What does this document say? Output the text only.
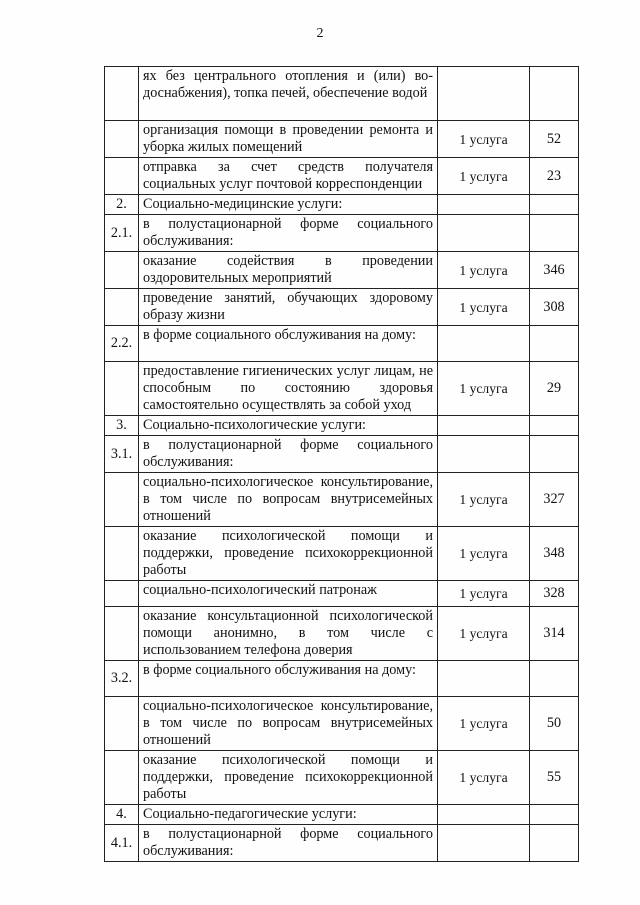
2
	ях без центрального отопления и (или) во-доснабжения), топка печей, обеспечение водой		
	организация помощи в проведении ремонта и уборка жилых помещений	1 услуга	52
	отправка за счет средств получателя социальных услуг почтовой корреспонденции	1 услуга	23
2.	Социально-медицинские услуги:		
2.1.	в полустационарной форме социального обслуживания:		
	оказание содействия в проведении оздоровительных мероприятий	1 услуга	346
	проведение занятий, обучающих здоровому образу жизни	1 услуга	308
2.2.	в форме социального обслуживания на дому:		
	предоставление гигиенических услуг лицам, не способным по состоянию здоровья самостоятельно осуществлять за собой уход	1 услуга	29
3.	Социально-психологические услуги:		
3.1.	в полустационарной форме социального обслуживания:		
	социально-психологическое консультирование, в том числе по вопросам внутрисемейных отношений	1 услуга	327
	оказание психологической помощи и поддержки, проведение психокоррекционной работы	1 услуга	348
	социально-психологический патронаж	1 услуга	328
	оказание консультационной психологической помощи анонимно, в том числе с использованием телефона доверия	1 услуга	314
3.2.	в форме социального обслуживания на дому:		
	социально-психологическое консультирование, в том числе по вопросам внутрисемейных отношений	1 услуга	50
	оказание психологической помощи и поддержки, проведение психокоррекционной работы	1 услуга	55
4.	Социально-педагогические услуги:		
4.1.	в полустационарной форме социального обслуживания:		
